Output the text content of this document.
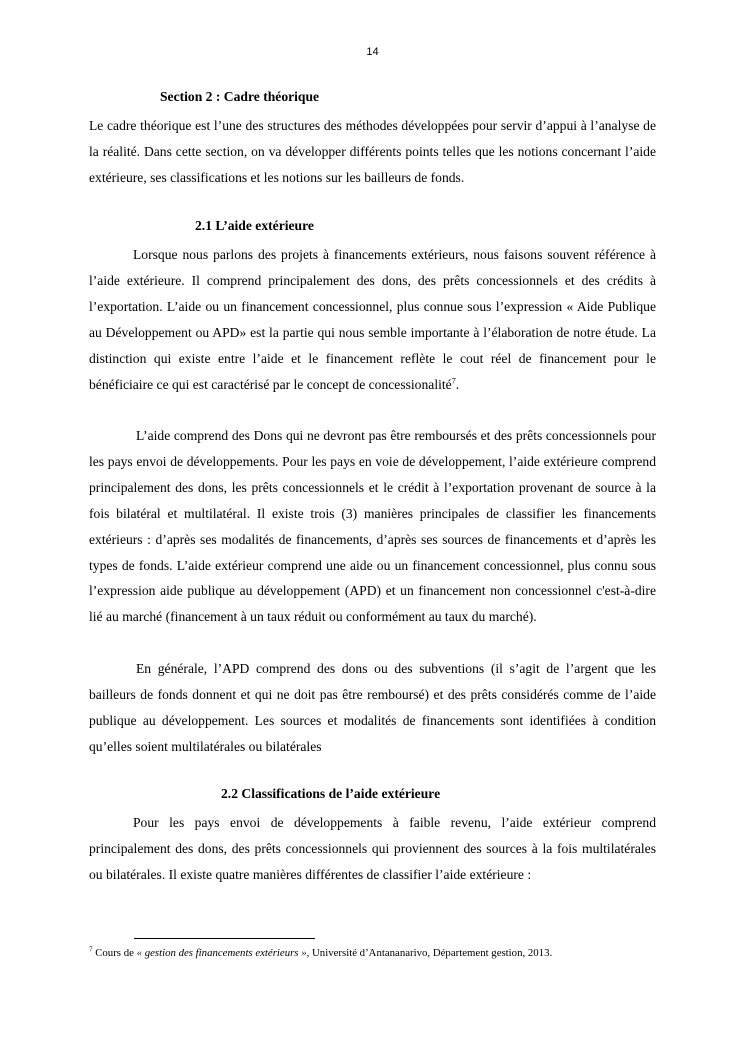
14
Section 2 : Cadre théorique

Le cadre théorique est l’une des structures des méthodes développées pour servir d’appui à l’analyse de la réalité. Dans cette section, on va développer différents points telles que les notions concernant l’aide extérieure, ses classifications et les notions sur les bailleurs de fonds.

2.1 L’aide extérieure

Lorsque nous parlons des projets à financements extérieurs, nous faisons souvent référence à l’aide extérieure. Il comprend principalement des dons, des prêts concessionnels et des crédits à l’exportation. L’aide ou un financement concessionnel, plus connue sous l’expression « Aide Publique au Développement ou APD» est la partie qui nous semble importante à l’élaboration de notre étude. La distinction qui existe entre l’aide et le financement reflète le cout réel de financement pour le bénéficiaire ce qui est caractérisé par le concept de concessionalité$^7$.

L’aide comprend des Dons qui ne devront pas être remboursés et des prêts concessionnels pour les pays envoi de développements. Pour les pays en voie de développement, l’aide extérieure comprend principalement des dons, les prêts concessionnels et le crédit à l’exportation provenant de source à la fois bilatéral et multilatéral. Il existe trois (3) manières principales de classifier les financements extérieurs : d’après ses modalités de financements, d’après ses sources de financements et d’après les types de fonds. L’aide extérieur comprend une aide ou un financement concessionnel, plus connu sous l’expression aide publique au développement (APD) et un financement non concessionnel c'est-à-dire lié au marché (financement à un taux réduit ou conformément au taux du marché).

En générale, l’APD comprend des dons ou des subventions (il s’agit de l’argent que les bailleurs de fonds donnent et qui ne doit pas être remboursé) et des prêts considérés comme de l’aide publique au développement. Les sources et modalités de financements sont identifiées à condition qu’elles soient multilatérales ou bilatérales

2.2 Classifications de l’aide extérieure

Pour les pays envoi de développements à faible revenu, l’aide extérieur comprend principalement des dons, des prêts concessionnels qui proviennent des sources à la fois multilatérales ou bilatérales. Il existe quatre manières différentes de classifier l’aide extérieure :

$^7$ Cours de « gestion des financements extérieurs », Université d’Antananarivo, Département gestion, 2013.
